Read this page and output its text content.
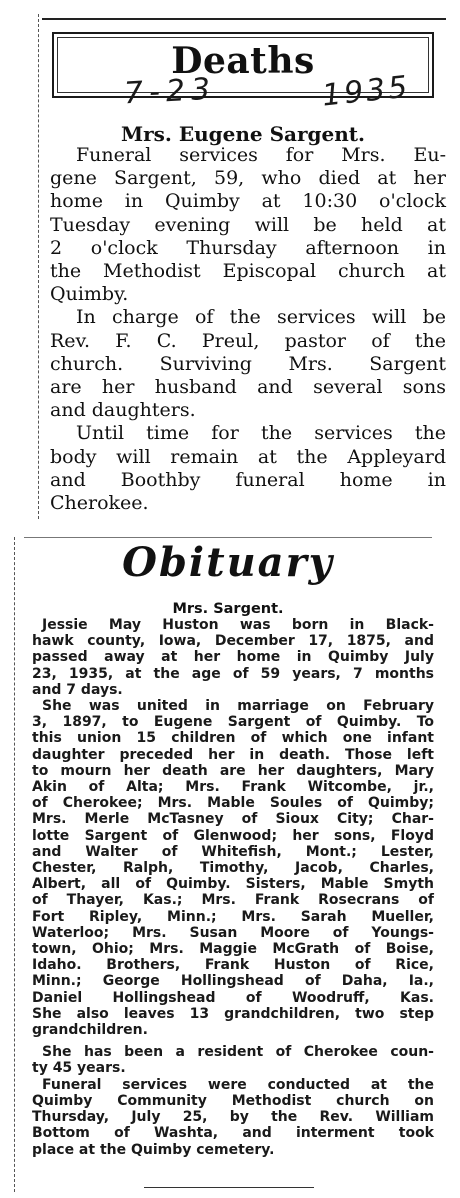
Deaths
7-23	1935
Mrs. Eugene Sargent.
Funeral services for Mrs. Eu-
gene Sargent, 59, who died at her
home in Quimby at 10:30 o'clock
Tuesday evening will be held at
2 o'clock Thursday afternoon in
the Methodist Episcopal church at
Quimby.
In charge of the services will be
Rev. F. C. Preul, pastor of the
church. Surviving Mrs. Sargent
are her husband and several sons
and daughters.
Until time for the services the
body will remain at the Appleyard
and Boothby funeral home in
Cherokee.
Obituary
Mrs. Sargent.
Jessie May Huston was born in Black-
hawk county, Iowa, December 17, 1875, and
passed away at her home in Quimby July
23, 1935, at the age of 59 years, 7 months
and 7 days.
She was united in marriage on February
3, 1897, to Eugene Sargent of Quimby. To
this union 15 children of which one infant
daughter preceded her in death. Those left
to mourn her death are her daughters, Mary
Akin of Alta; Mrs. Frank Witcombe, jr.,
of Cherokee; Mrs. Mable Soules of Quimby;
Mrs. Merle McTasney of Sioux City; Char-
lotte Sargent of Glenwood; her sons, Floyd
and Walter of Whitefish, Mont.; Lester,
Chester, Ralph, Timothy, Jacob, Charles,
Albert, all of Quimby. Sisters, Mable Smyth
of Thayer, Kas.; Mrs. Frank Rosecrans of
Fort Ripley, Minn.; Mrs. Sarah Mueller,
Waterloo; Mrs. Susan Moore of Youngs-
town, Ohio; Mrs. Maggie McGrath of Boise,
Idaho. Brothers, Frank Huston of Rice,
Minn.; George Hollingshead of Daha, Ia.,
Daniel Hollingshead of Woodruff, Kas.
She also leaves 13 grandchildren, two step
grandchildren.
She has been a resident of Cherokee coun-
ty 45 years.
Funeral services were conducted at the
Quimby Community Methodist church on
Thursday, July 25, by the Rev. William
Bottom of Washta, and interment took
place at the Quimby cemetery.
